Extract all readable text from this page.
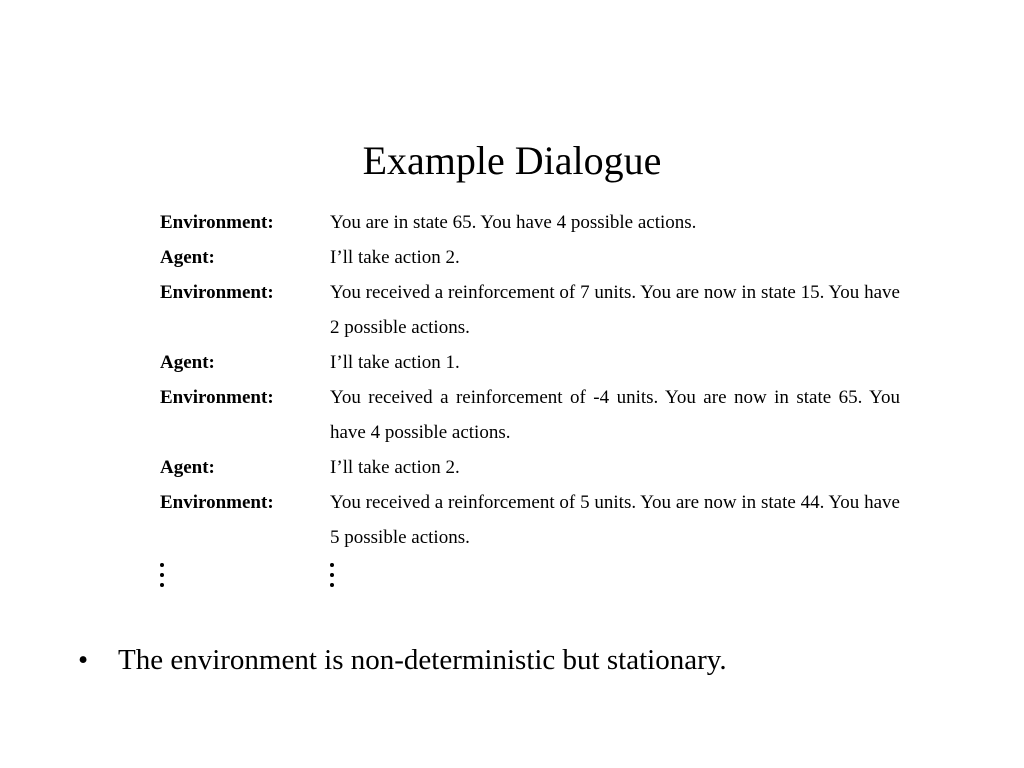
Example Dialogue
Environment:	You are in state 65. You have 4 possible actions.
Agent:	I’ll take action 2.
Environment:	You received a reinforcement of 7 units. You are now in state 15. You have 2 possible actions.
Agent:	I’ll take action 1.
Environment:	You received a reinforcement of -4 units. You are now in state 65. You have 4 possible actions.
Agent:	I’ll take action 2.
Environment:	You received a reinforcement of 5 units. You are now in state 44. You have 5 possible actions.
•	The environment is non-deterministic but stationary.
